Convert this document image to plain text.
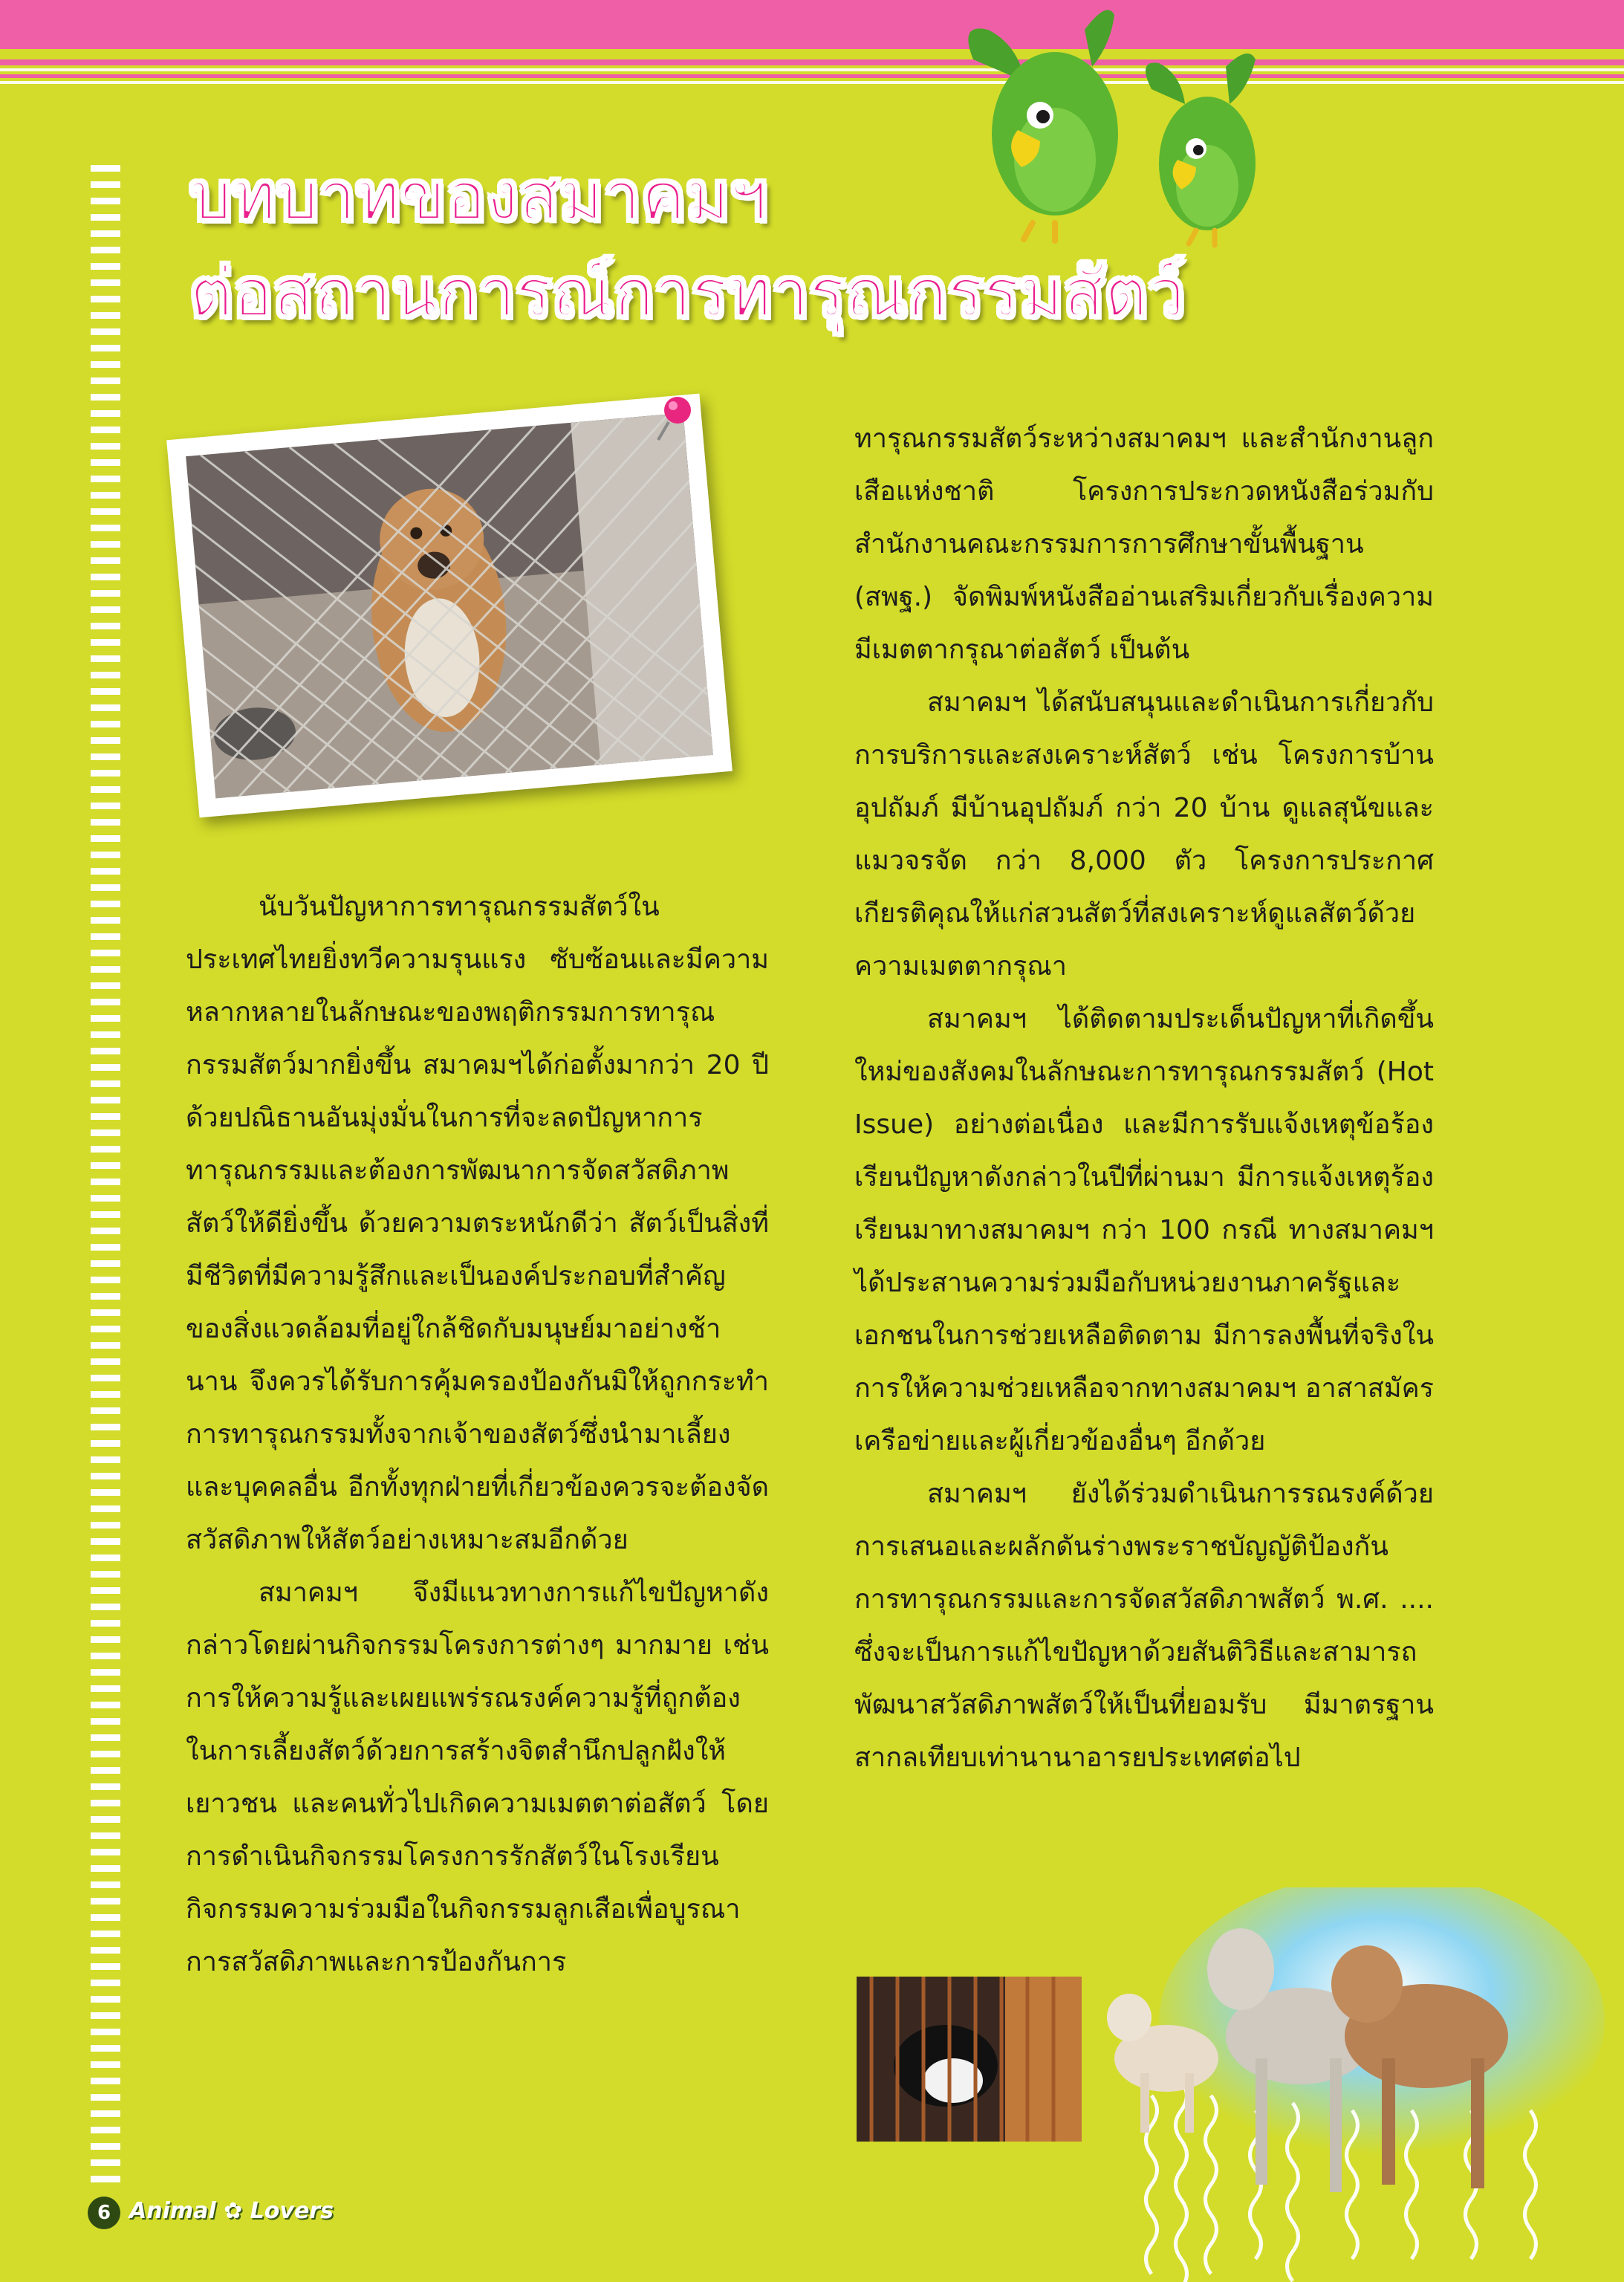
บทบาทของสมาคมฯ
ต่อสถานการณ์การทารุณกรรมสัตว์

นับวันปัญหาการทารุณกรรมสัตว์ในประเทศไทยยิ่งทวีความรุนแรง ซับซ้อนและมีความหลากหลายในลักษณะของพฤติกรรมการทารุณกรรมสัตว์มากยิ่งขึ้น สมาคมฯได้ก่อตั้งมากว่า 20 ปีด้วยปณิธานอันมุ่งมั่นในการที่จะลดปัญหาการทารุณกรรมและต้องการพัฒนาการจัดสวัสดิภาพสัตว์ให้ดียิ่งขึ้น ด้วยความตระหนักดีว่า สัตว์เป็นสิ่งที่มีชีวิตที่มีความรู้สึกและเป็นองค์ประกอบที่สำคัญของสิ่งแวดล้อมที่อยู่ใกล้ชิดกับมนุษย์มาอย่างช้านาน จึงควรได้รับการคุ้มครองป้องกันมิให้ถูกกระทำการทารุณกรรมทั้งจากเจ้าของสัตว์ซึ่งนำมาเลี้ยงและบุคคลอื่น อีกทั้งทุกฝ่ายที่เกี่ยวข้องควรจะต้องจัดสวัสดิภาพให้สัตว์อย่างเหมาะสมอีกด้วย

สมาคมฯ จึงมีแนวทางการแก้ไขปัญหาดังกล่าวโดยผ่านกิจกรรมโครงการต่างๆ มากมาย เช่น การให้ความรู้และเผยแพร่รณรงค์ความรู้ที่ถูกต้องในการเลี้ยงสัตว์ด้วยการสร้างจิตสำนึกปลูกฝังให้เยาวชน และคนทั่วไปเกิดความเมตตาต่อสัตว์ โดยการดำเนินกิจกรรมโครงการรักสัตว์ในโรงเรียนกิจกรรมความร่วมมือในกิจกรรมลูกเสือเพื่อบูรณาการสวัสดิภาพและการป้องกันการ

ทารุณกรรมสัตว์ระหว่างสมาคมฯ และสำนักงานลูกเสือแห่งชาติ โครงการประกวดหนังสือร่วมกับ สำนักงานคณะกรรมการการศึกษาขั้นพื้นฐาน (สพฐ.) จัดพิมพ์หนังสืออ่านเสริมเกี่ยวกับเรื่องความมีเมตตากรุณาต่อสัตว์ เป็นต้น

สมาคมฯ ได้สนับสนุนและดำเนินการเกี่ยวกับการบริการและสงเคราะห์สัตว์ เช่น โครงการบ้านอุปถัมภ์ มีบ้านอุปถัมภ์ กว่า 20 บ้าน ดูแลสุนัขและแมวจรจัด กว่า 8,000 ตัว โครงการประกาศเกียรติคุณให้แก่สวนสัตว์ที่สงเคราะห์ดูแลสัตว์ด้วยความเมตตากรุณา

สมาคมฯ ได้ติดตามประเด็นปัญหาที่เกิดขึ้นใหม่ของสังคมในลักษณะการทารุณกรรมสัตว์ (Hot Issue) อย่างต่อเนื่อง และมีการรับแจ้งเหตุข้อร้องเรียนปัญหาดังกล่าวในปีที่ผ่านมา มีการแจ้งเหตุร้องเรียนมาทางสมาคมฯ กว่า 100 กรณี ทางสมาคมฯ ได้ประสานความร่วมมือกับหน่วยงานภาครัฐและเอกชนในการช่วยเหลือติดตาม มีการลงพื้นที่จริงในการให้ความช่วยเหลือจากทางสมาคมฯ อาสาสมัคร เครือข่ายและผู้เกี่ยวข้องอื่นๆ อีกด้วย

สมาคมฯ ยังได้ร่วมดำเนินการรณรงค์ด้วยการเสนอและผลักดันร่างพระราชบัญญัติป้องกันการทารุณกรรมและการจัดสวัสดิภาพสัตว์ พ.ศ. .... ซึ่งจะเป็นการแก้ไขปัญหาด้วยสันติวิธีและสามารถพัฒนาสวัสดิภาพสัตว์ให้เป็นที่ยอมรับ มีมาตรฐานสากลเทียบเท่านานาอารยประเทศต่อไป

6 Animal ✿ Lovers
